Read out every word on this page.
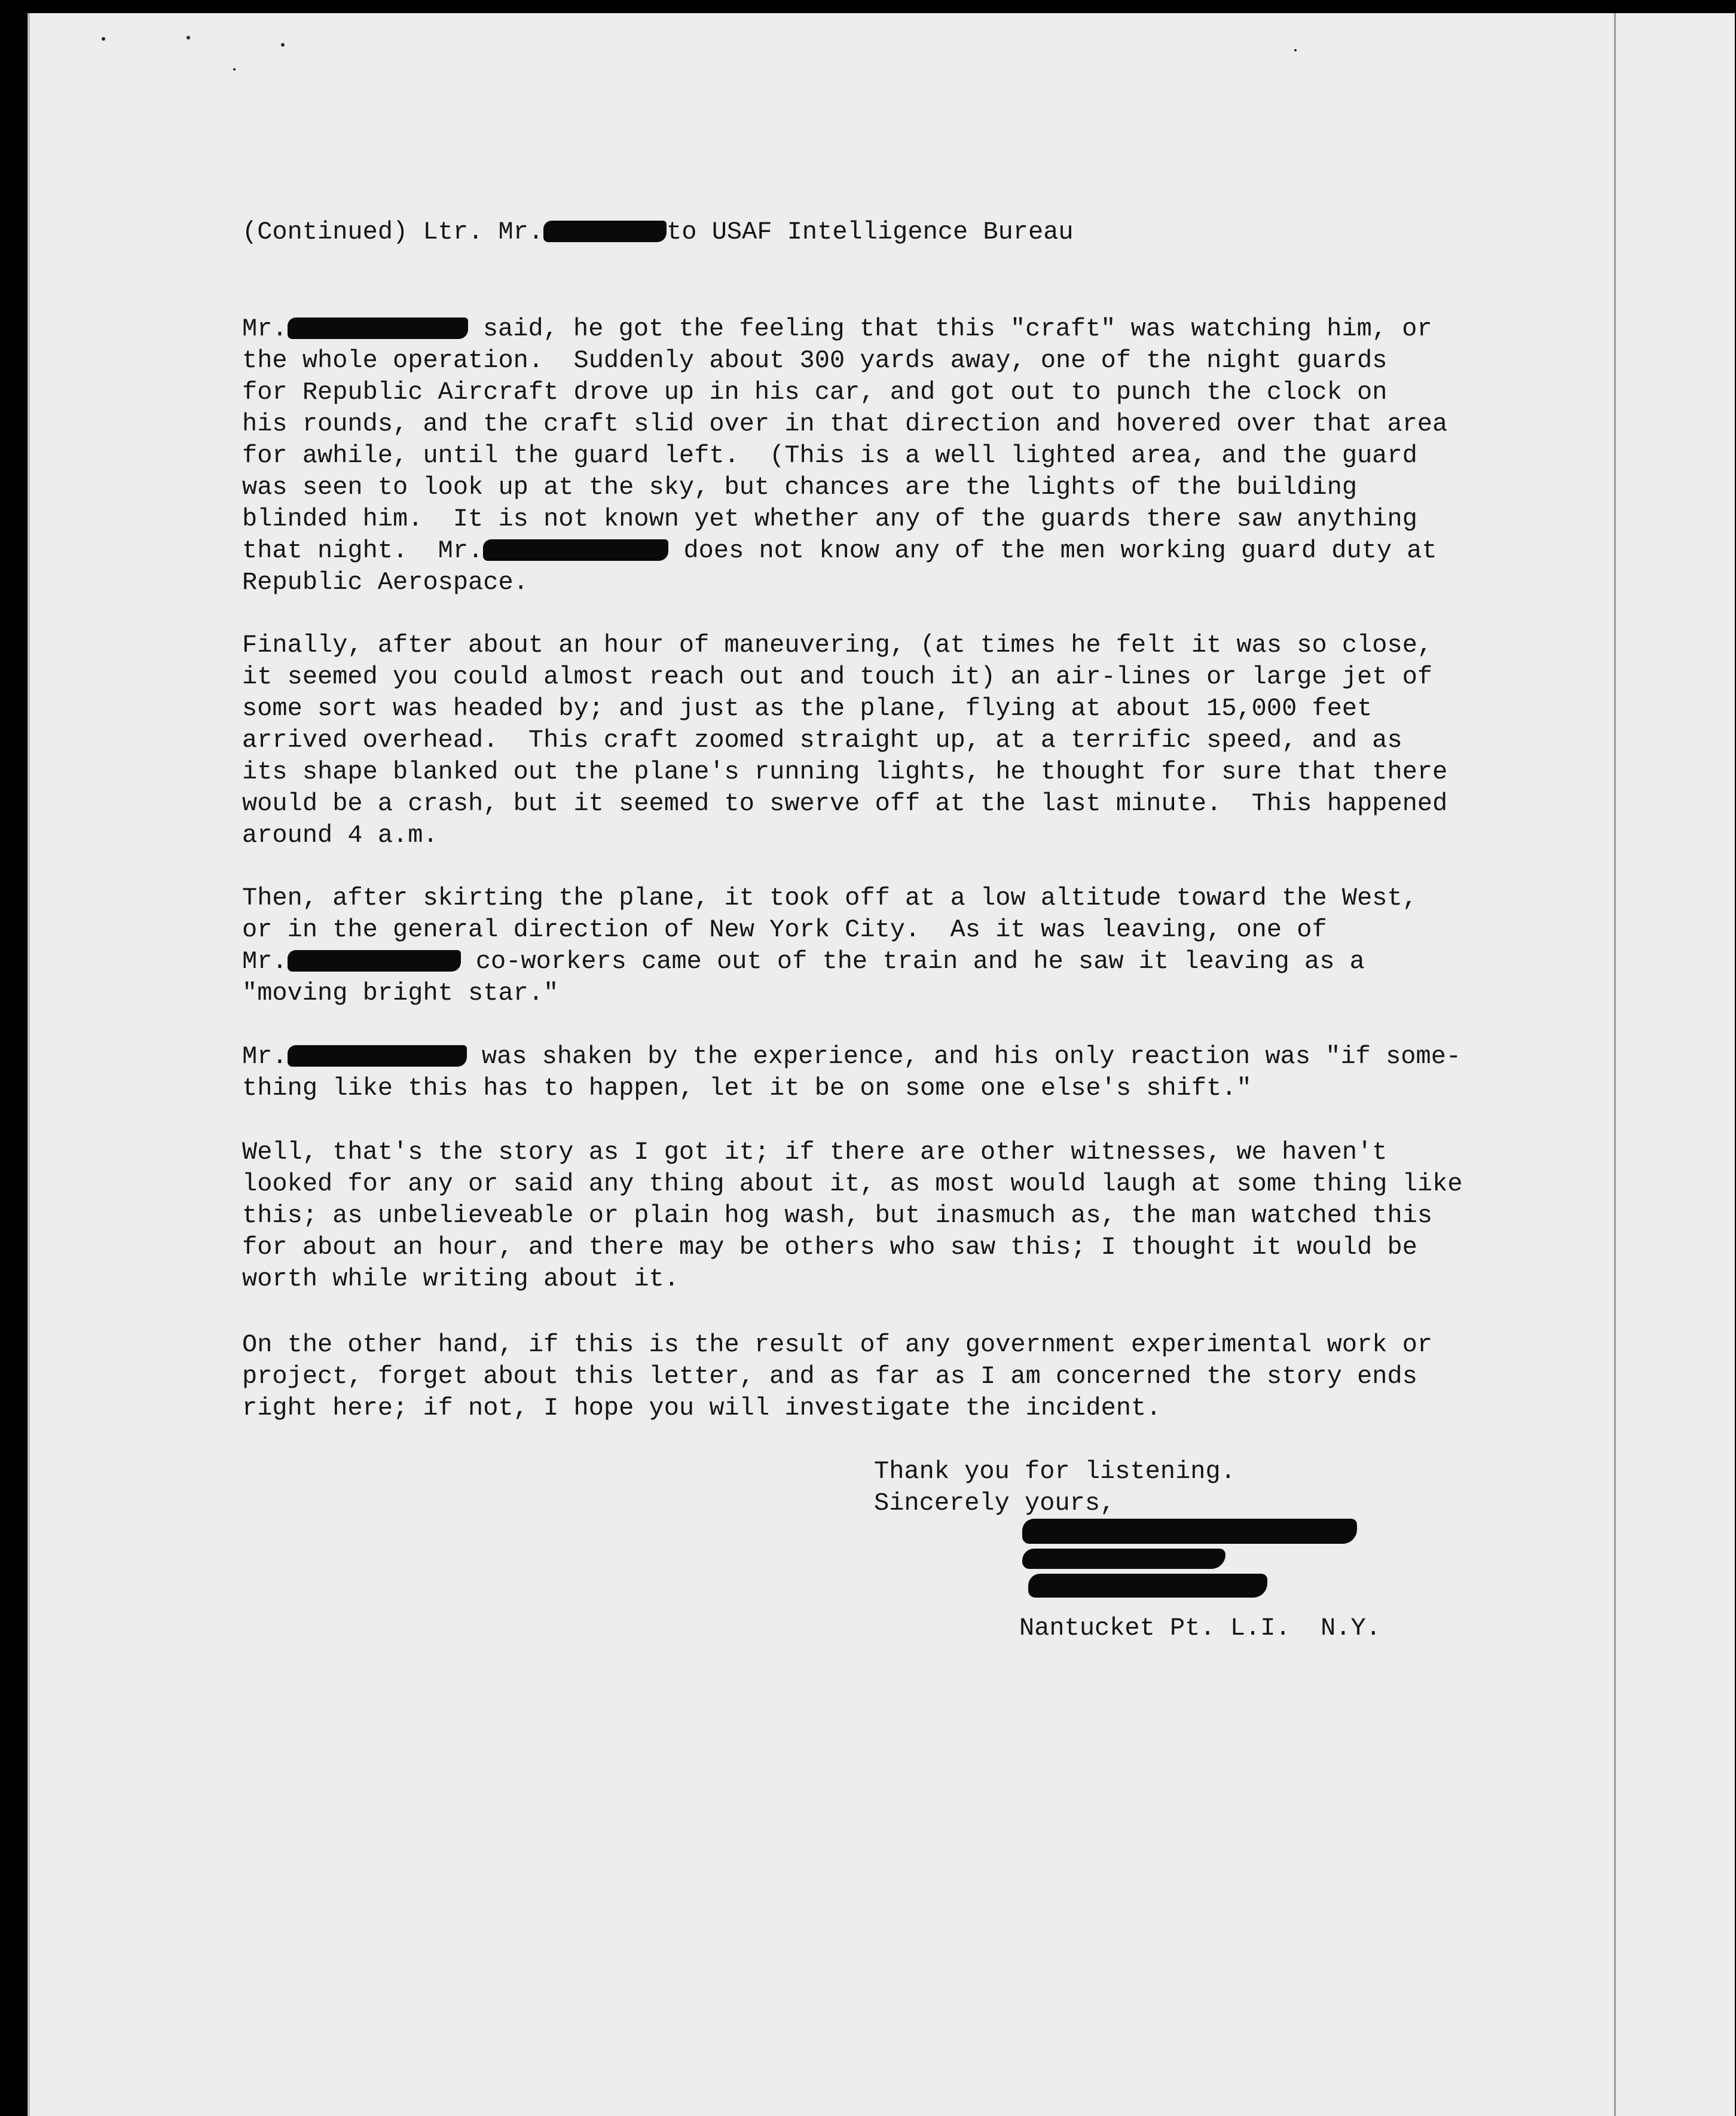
(Continued) Ltr. Mr.	to USAF Intelligence Bureau

Mr.	said, he got the feeling that this "craft" was watching him, or
the whole operation.  Suddenly about 300 yards away, one of the night guards
for Republic Aircraft drove up in his car, and got out to punch the clock on
his rounds, and the craft slid over in that direction and hovered over that area
for awhile, until the guard left.  (This is a well lighted area, and the guard
was seen to look up at the sky, but chances are the lights of the building
blinded him.  It is not known yet whether any of the guards there saw anything
that night.  Mr.	does not know any of the men working guard duty at
Republic Aerospace.

Finally, after about an hour of maneuvering, (at times he felt it was so close,
it seemed you could almost reach out and touch it) an air-lines or large jet of
some sort was headed by; and just as the plane, flying at about 15,000 feet
arrived overhead.  This craft zoomed straight up, at a terrific speed, and as
its shape blanked out the plane's running lights, he thought for sure that there
would be a crash, but it seemed to swerve off at the last minute.  This happened
around 4 a.m.

Then, after skirting the plane, it took off at a low altitude toward the West,
or in the general direction of New York City.  As it was leaving, one of
Mr.	co-workers came out of the train and he saw it leaving as a
"moving bright star."

Mr.	was shaken by the experience, and his only reaction was "if some-
thing like this has to happen, let it be on some one else's shift."

Well, that's the story as I got it; if there are other witnesses, we haven't
looked for any or said any thing about it, as most would laugh at some thing like
this; as unbelieveable or plain hog wash, but inasmuch as, the man watched this
for about an hour, and there may be others who saw this; I thought it would be
worth while writing about it.

On the other hand, if this is the result of any government experimental work or
project, forget about this letter, and as far as I am concerned the story ends
right here; if not, I hope you will investigate the incident.

Thank you for listening.
Sincerely yours,

Nantucket Pt. L.I.  N.Y.
